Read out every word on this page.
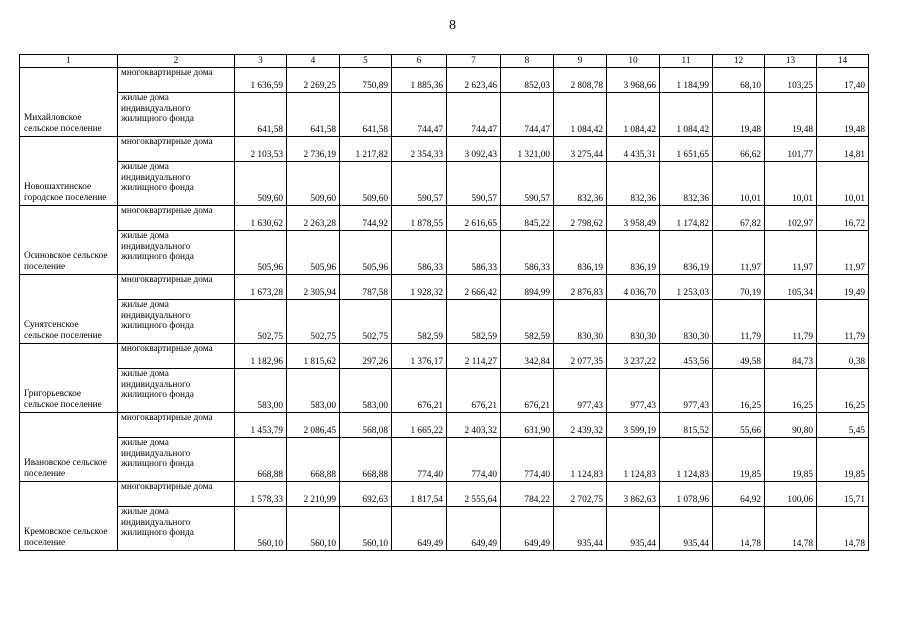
8
1	2	3	4	5	6	7	8	9	10	11	12	13	14
Михайловское сельское поселение	многоквартирные дома	1 636,59	2 269,25	750,89	1 885,36	2 623,46	852,03	2 808,78	3 968,66	1 184,99	68,10	103,25	17,40
	жилые дома индивидуального жилищного фонда	641,58	641,58	641,58	744,47	744,47	744,47	1 084,42	1 084,42	1 084,42	19,48	19,48	19,48
Новошахтинское городское поселение	многоквартирные дома	2 103,53	2 736,19	1 217,82	2 354,33	3 092,43	1 321,00	3 275,44	4 435,31	1 651,65	66,62	101,77	14,81
	жилые дома индивидуального жилищного фонда	509,60	509,60	509,60	590,57	590,57	590,57	832,36	832,36	832,36	10,01	10,01	10,01
Осиновское сельское поселение	многоквартирные дома	1 630,62	2 263,28	744,92	1 878,55	2 616,65	845,22	2 798,62	3 958,49	1 174,82	67,82	102,97	16,72
	жилые дома индивидуального жилищного фонда	505,96	505,96	505,96	586,33	586,33	586,33	836,19	836,19	836,19	11,97	11,97	11,97
Сунятсенское сельское поселение	многоквартирные дома	1 673,28	2 305,94	787,58	1 928,32	2 666,42	894,99	2 876,83	4 036,70	1 253,03	70,19	105,34	19,49
	жилые дома индивидуального жилищного фонда	502,75	502,75	502,75	582,59	582,59	582,59	830,30	830,30	830,30	11,79	11,79	11,79
Григорьевское сельское поселение	многоквартирные дома	1 182,96	1 815,62	297,26	1 376,17	2 114,27	342,84	2 077,35	3 237,22	453,56	49,58	84,73	0,38
	жилые дома индивидуального жилищного фонда	583,00	583,00	583,00	676,21	676,21	676,21	977,43	977,43	977,43	16,25	16,25	16,25
Ивановское сельское поселение	многоквартирные дома	1 453,79	2 086,45	568,08	1 665,22	2 403,32	631,90	2 439,32	3 599,19	815,52	55,66	90,80	5,45
	жилые дома индивидуального жилищного фонда	668,88	668,88	668,88	774,40	774,40	774,40	1 124,83	1 124,83	1 124,83	19,85	19,85	19,85
Кремовское сельское поселение	многоквартирные дома	1 578,33	2 210,99	692,63	1 817,54	2 555,64	784,22	2 702,75	3 862,63	1 078,96	64,92	100,06	15,71
	жилые дома индивидуального жилищного фонда	560,10	560,10	560,10	649,49	649,49	649,49	935,44	935,44	935,44	14,78	14,78	14,78
